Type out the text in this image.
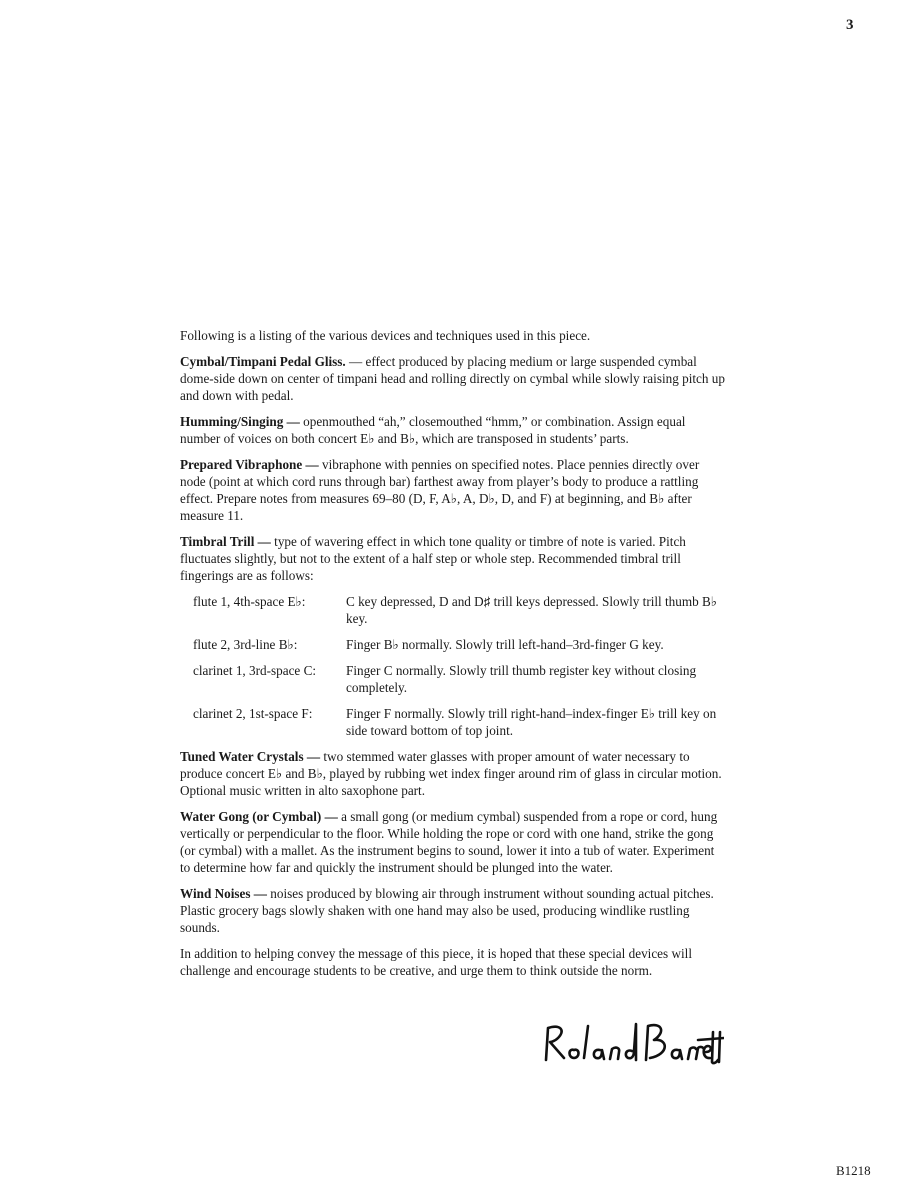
3

Following is a listing of the various devices and techniques used in this piece.

Cymbal/Timpani Pedal Gliss. — effect produced by placing medium or large suspended cymbal dome-side down on center of timpani head and rolling directly on cymbal while slowly raising pitch up and down with pedal.

Humming/Singing — openmouthed “ah,” closemouthed “hmm,” or combination. Assign equal number of voices on both concert E♭ and B♭, which are transposed in students’ parts.

Prepared Vibraphone — vibraphone with pennies on specified notes. Place pennies directly over node (point at which cord runs through bar) farthest away from player’s body to produce a rattling effect. Prepare notes from measures 69–80 (D, F, A♭, A, D♭, D, and F) at beginning, and B♭ after measure 11.

Timbral Trill — type of wavering effect in which tone quality or timbre of note is varied. Pitch fluctuates slightly, but not to the extent of a half step or whole step. Recommended timbral trill fingerings are as follows:

flute 1, 4th-space E♭:	C key depressed, D and D♯ trill keys depressed. Slowly trill thumb B♭ key.
flute 2, 3rd-line B♭:	Finger B♭ normally. Slowly trill left-hand–3rd-finger G key.
clarinet 1, 3rd-space C:	Finger C normally. Slowly trill thumb register key without closing completely.
clarinet 2, 1st-space F:	Finger F normally. Slowly trill right-hand–index-finger E♭ trill key on side toward bottom of top joint.

Tuned Water Crystals — two stemmed water glasses with proper amount of water necessary to produce concert E♭ and B♭, played by rubbing wet index finger around rim of glass in circular motion. Optional music written in alto saxophone part.

Water Gong (or Cymbal) — a small gong (or medium cymbal) suspended from a rope or cord, hung vertically or perpendicular to the floor. While holding the rope or cord with one hand, strike the gong (or cymbal) with a mallet. As the instrument begins to sound, lower it into a tub of water. Experiment to determine how far and quickly the instrument should be plunged into the water.

Wind Noises — noises produced by blowing air through instrument without sounding actual pitches. Plastic grocery bags slowly shaken with one hand may also be used, producing windlike rustling sounds.

In addition to helping convey the message of this piece, it is hoped that these special devices will challenge and encourage students to be creative, and urge them to think outside the norm.

B1218
